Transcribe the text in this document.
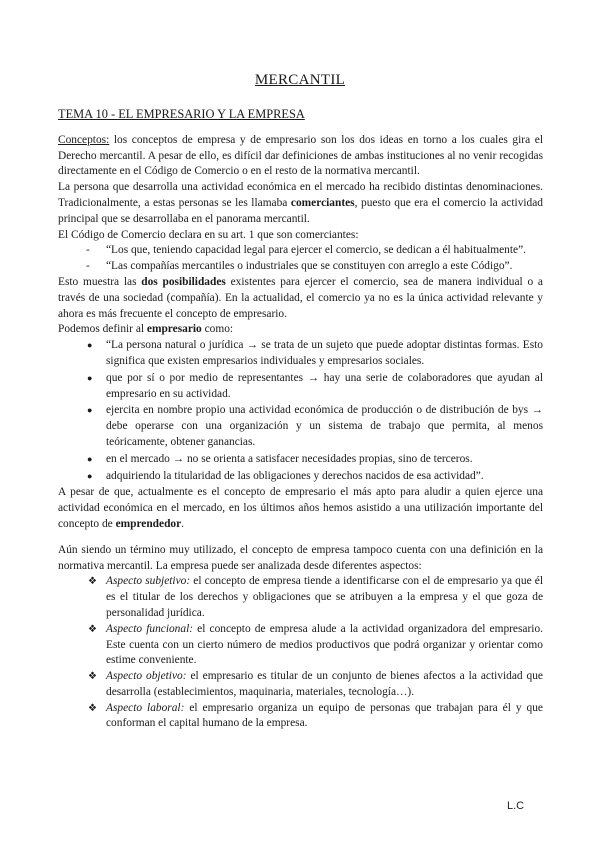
MERCANTIL

TEMA 10 - EL EMPRESARIO Y LA EMPRESA

Conceptos: los conceptos de empresa y de empresario son los dos ideas en torno a los cuales gira el Derecho mercantil. A pesar de ello, es difícil dar definiciones de ambas instituciones al no venir recogidas directamente en el Código de Comercio o en el resto de la normativa mercantil.

La persona que desarrolla una actividad económica en el mercado ha recibido distintas denominaciones. Tradicionalmente, a estas personas se les llamaba comerciantes, puesto que era el comercio la actividad principal que se desarrollaba en el panorama mercantil.

El Código de Comercio declara en su art. 1 que son comerciantes:

- “Los que, teniendo capacidad legal para ejercer el comercio, se dedican a él habitualmente”.
- “Las compañías mercantiles o industriales que se constituyen con arreglo a este Código”.

Esto muestra las dos posibilidades existentes para ejercer el comercio, sea de manera individual o a través de una sociedad (compañía). En la actualidad, el comercio ya no es la única actividad relevante y ahora es más frecuente el concepto de empresario.

Podemos definir al empresario como:

● “La persona natural o jurídica → se trata de un sujeto que puede adoptar distintas formas. Esto significa que existen empresarios individuales y empresarios sociales.
● que por sí o por medio de representantes → hay una serie de colaboradores que ayudan al empresario en su actividad.
● ejercita en nombre propio una actividad económica de producción o de distribución de bys → debe operarse con una organización y un sistema de trabajo que permita, al menos teóricamente, obtener ganancias.
● en el mercado → no se orienta a satisfacer necesidades propias, sino de terceros.
● adquiriendo la titularidad de las obligaciones y derechos nacidos de esa actividad”.

A pesar de que, actualmente es el concepto de empresario el más apto para aludir a quien ejerce una actividad económica en el mercado, en los últimos años hemos asistido a una utilización importante del concepto de emprendedor.

Aún siendo un término muy utilizado, el concepto de empresa tampoco cuenta con una definición en la normativa mercantil. La empresa puede ser analizada desde diferentes aspectos:

❖ Aspecto subjetivo: el concepto de empresa tiende a identificarse con el de empresario ya que él es el titular de los derechos y obligaciones que se atribuyen a la empresa y el que goza de personalidad jurídica.
❖ Aspecto funcional: el concepto de empresa alude a la actividad organizadora del empresario. Este cuenta con un cierto número de medios productivos que podrá organizar y orientar como estime conveniente.
❖ Aspecto objetivo: el empresario es titular de un conjunto de bienes afectos a la actividad que desarrolla (establecimientos, maquinaria, materiales, tecnología…).
❖ Aspecto laboral: el empresario organiza un equipo de personas que trabajan para él y que conforman el capital humano de la empresa.
L.C
